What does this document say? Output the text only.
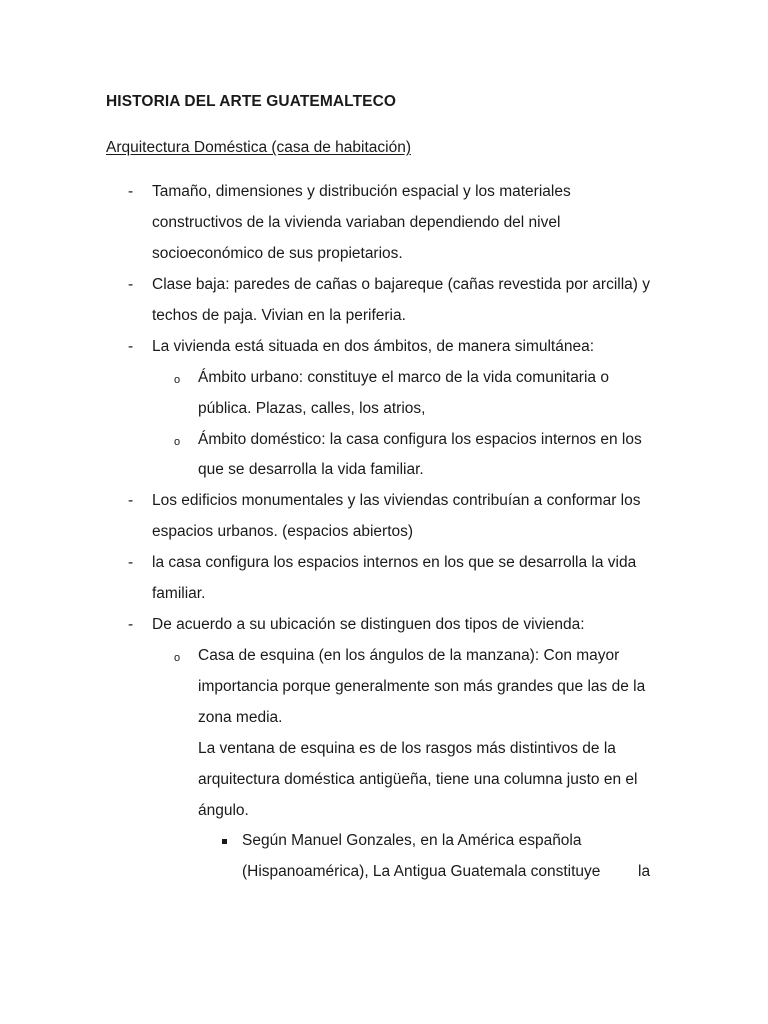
HISTORIA DEL ARTE GUATEMALTECO
Arquitectura Doméstica (casa de habitación)
- Tamaño, dimensiones y distribución espacial y los materiales
constructivos de la vivienda variaban dependiendo del nivel
socioeconómico de sus propietarios.
- Clase baja: paredes de cañas o bajareque (cañas revestida por arcilla) y
techos de paja. Vivian en la periferia.
- La vivienda está situada en dos ámbitos, de manera simultánea:
o Ámbito urbano: constituye el marco de la vida comunitaria o
pública. Plazas, calles, los atrios,
o Ámbito doméstico: la casa configura los espacios internos en los
que se desarrolla la vida familiar.
- Los edificios monumentales y las viviendas contribuían a conformar los
espacios urbanos. (espacios abiertos)
- la casa configura los espacios internos en los que se desarrolla la vida
familiar.
- De acuerdo a su ubicación se distinguen dos tipos de vivienda:
o Casa de esquina (en los ángulos de la manzana): Con mayor
importancia porque generalmente son más grandes que las de la
zona media.
La ventana de esquina es de los rasgos más distintivos de la
arquitectura doméstica antigüeña, tiene una columna justo en el
ángulo.
Según Manuel Gonzales, en la América española
(Hispanoamérica), La Antigua Guatemala constituye la
